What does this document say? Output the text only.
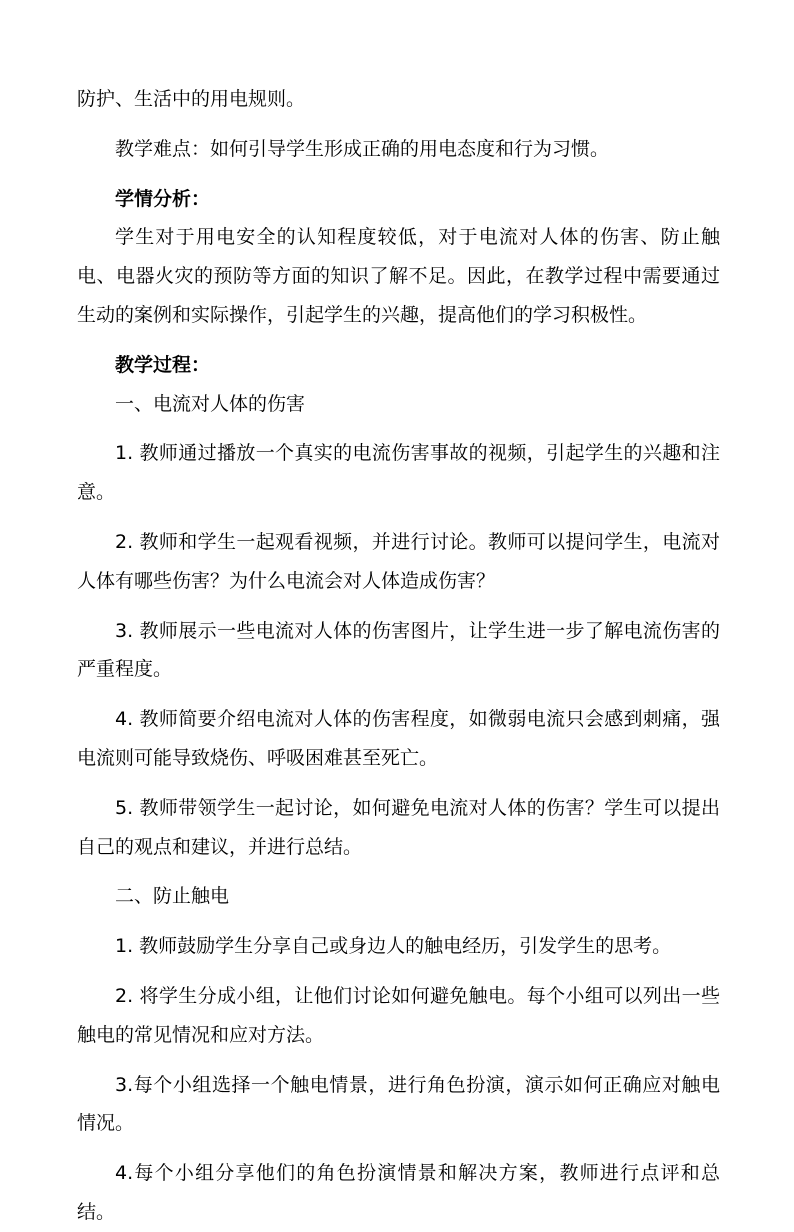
防护、生活中的用电规则。

教学难点：如何引导学生形成正确的用电态度和行为习惯。

学情分析：

学生对于用电安全的认知程度较低，对于电流对人体的伤害、防止触电、电器火灾的预防等方面的知识了解不足。因此，在教学过程中需要通过生动的案例和实际操作，引起学生的兴趣，提高他们的学习积极性。

教学过程：

一、电流对人体的伤害

1. 教师通过播放一个真实的电流伤害事故的视频，引起学生的兴趣和注意。

2. 教师和学生一起观看视频，并进行讨论。教师可以提问学生，电流对人体有哪些伤害？为什么电流会对人体造成伤害？

3. 教师展示一些电流对人体的伤害图片，让学生进一步了解电流伤害的严重程度。

4. 教师简要介绍电流对人体的伤害程度，如微弱电流只会感到刺痛，强电流则可能导致烧伤、呼吸困难甚至死亡。

5. 教师带领学生一起讨论，如何避免电流对人体的伤害？学生可以提出自己的观点和建议，并进行总结。

二、防止触电

1. 教师鼓励学生分享自己或身边人的触电经历，引发学生的思考。

2. 将学生分成小组，让他们讨论如何避免触电。每个小组可以列出一些触电的常见情况和应对方法。

3.每个小组选择一个触电情景，进行角色扮演，演示如何正确应对触电情况。

4.每个小组分享他们的角色扮演情景和解决方案，教师进行点评和总结。
